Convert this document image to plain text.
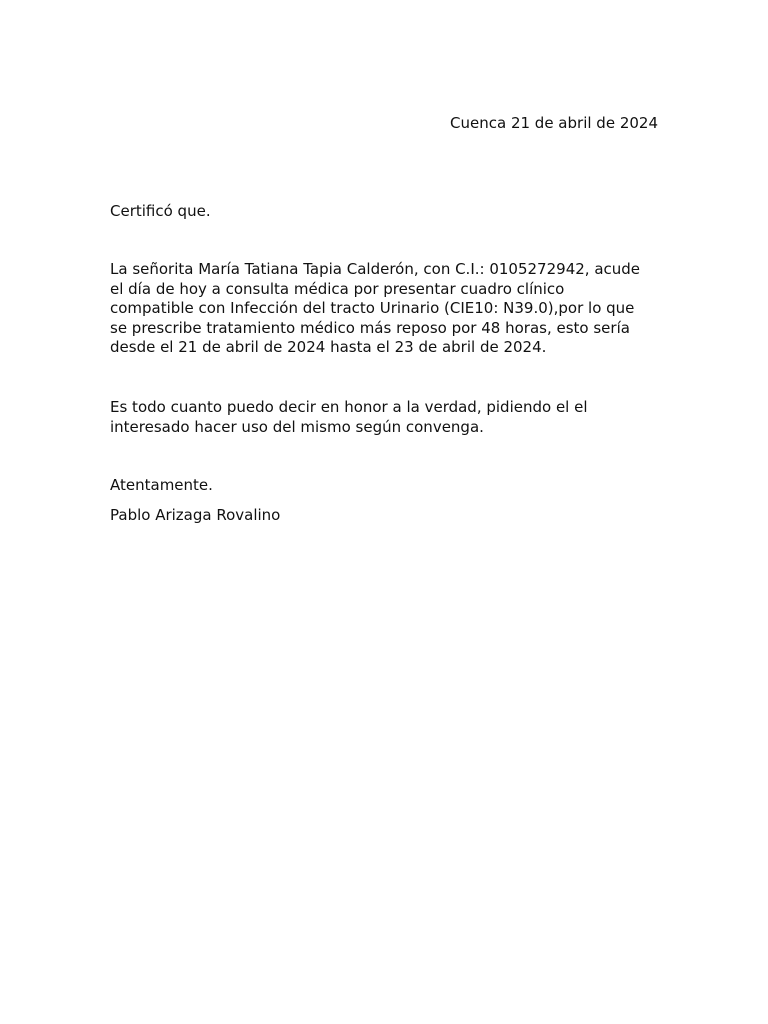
Cuenca 21 de abril de 2024
Certificó que.

La señorita María Tatiana Tapia Calderón, con C.I.: 0105272942, acude
el día de hoy a consulta médica por presentar cuadro clínico
compatible con Infección del tracto Urinario (CIE10: N39.0),por lo que
se prescribe tratamiento médico más reposo por 48 horas, esto sería
desde el 21 de abril de 2024 hasta el 23 de abril de 2024.

Es todo cuanto puedo decir en honor a la verdad, pidiendo el el
interesado hacer uso del mismo según convenga.

Atentamente.
Pablo Arizaga Rovalino
